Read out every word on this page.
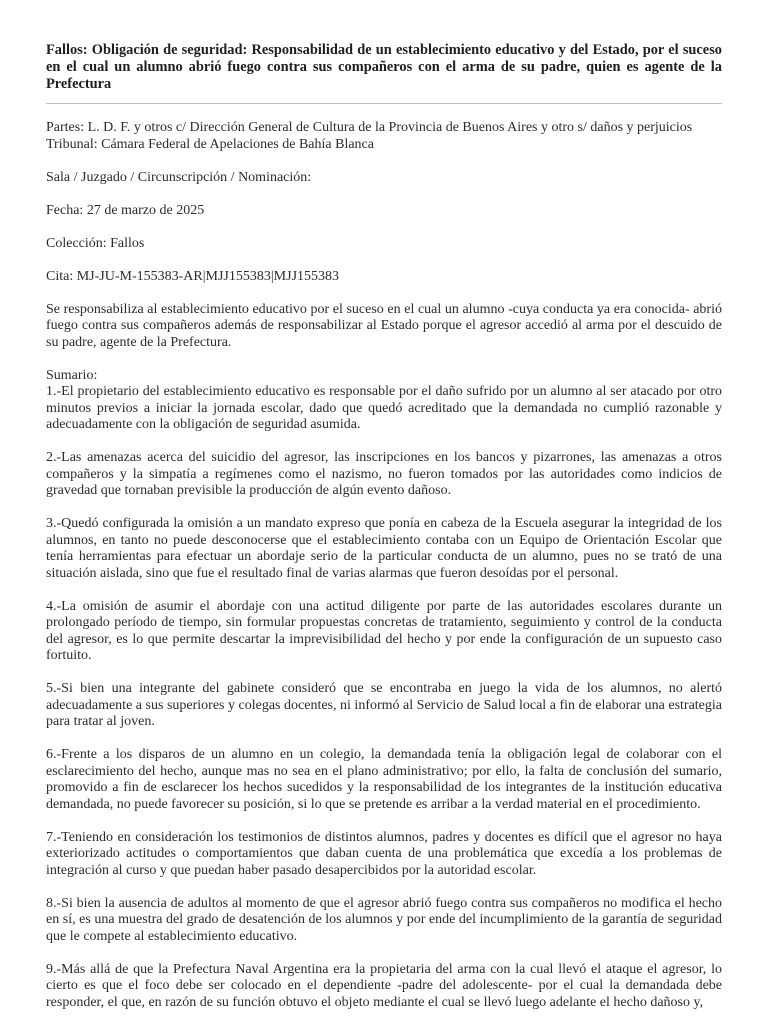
Fallos: Obligación de seguridad: Responsabilidad de un establecimiento educativo y del Estado, por el suceso en el cual un alumno abrió fuego contra sus compañeros con el arma de su padre, quien es agente de la Prefectura

Partes: L. D. F. y otros c/ Dirección General de Cultura de la Provincia de Buenos Aires y otro s/ daños y perjuicios

Tribunal: Cámara Federal de Apelaciones de Bahía Blanca

Sala / Juzgado / Circunscripción / Nominación:

Fecha: 27 de marzo de 2025

Colección: Fallos

Cita: MJ-JU-M-155383-AR|MJJ155383|MJJ155383

Se responsabiliza al establecimiento educativo por el suceso en el cual un alumno -cuya conducta ya era conocida- abrió fuego contra sus compañeros además de responsabilizar al Estado porque el agresor accedió al arma por el descuido de su padre, agente de la Prefectura.

Sumario:

1.-El propietario del establecimiento educativo es responsable por el daño sufrido por un alumno al ser atacado por otro minutos previos a iniciar la jornada escolar, dado que quedó acreditado que la demandada no cumplió razonable y adecuadamente con la obligación de seguridad asumida.

2.-Las amenazas acerca del suicidio del agresor, las inscripciones en los bancos y pizarrones, las amenazas a otros compañeros y la simpatía a regímenes como el nazismo, no fueron tomados por las autoridades como indicios de gravedad que tornaban previsible la producción de algún evento dañoso.

3.-Quedó configurada la omisión a un mandato expreso que ponía en cabeza de la Escuela asegurar la integridad de los alumnos, en tanto no puede desconocerse que el establecimiento contaba con un Equipo de Orientación Escolar que tenía herramientas para efectuar un abordaje serio de la particular conducta de un alumno, pues no se trató de una situación aislada, sino que fue el resultado final de varias alarmas que fueron desoídas por el personal.

4.-La omisión de asumir el abordaje con una actitud diligente por parte de las autoridades escolares durante un prolongado período de tiempo, sin formular propuestas concretas de tratamiento, seguimiento y control de la conducta del agresor, es lo que permite descartar la imprevisibilidad del hecho y por ende la configuración de un supuesto caso fortuito.

5.-Si bien una integrante del gabinete consideró que se encontraba en juego la vida de los alumnos, no alertó adecuadamente a sus superiores y colegas docentes, ni informó al Servicio de Salud local a fin de elaborar una estrategia para tratar al joven.

6.-Frente a los disparos de un alumno en un colegio, la demandada tenía la obligación legal de colaborar con el esclarecimiento del hecho, aunque mas no sea en el plano administrativo; por ello, la falta de conclusión del sumario, promovido a fin de esclarecer los hechos sucedidos y la responsabilidad de los integrantes de la institución educativa demandada, no puede favorecer su posición, si lo que se pretende es arribar a la verdad material en el procedimiento.

7.-Teniendo en consideración los testimonios de distintos alumnos, padres y docentes es difícil que el agresor no haya exteriorizado actitudes o comportamientos que daban cuenta de una problemática que excedía a los problemas de integración al curso y que puedan haber pasado desapercibidos por la autoridad escolar.

8.-Si bien la ausencia de adultos al momento de que el agresor abrió fuego contra sus compañeros no modifica el hecho en sí, es una muestra del grado de desatención de los alumnos y por ende del incumplimiento de la garantía de seguridad que le compete al establecimiento educativo.

9.-Más allá de que la Prefectura Naval Argentina era la propietaria del arma con la cual llevó el ataque el agresor, lo cierto es que el foco debe ser colocado en el dependiente -padre del adolescente- por el cual la demandada debe responder, el que, en razón de su función obtuvo el objeto mediante el cual se llevó luego adelante el hecho dañoso y,
